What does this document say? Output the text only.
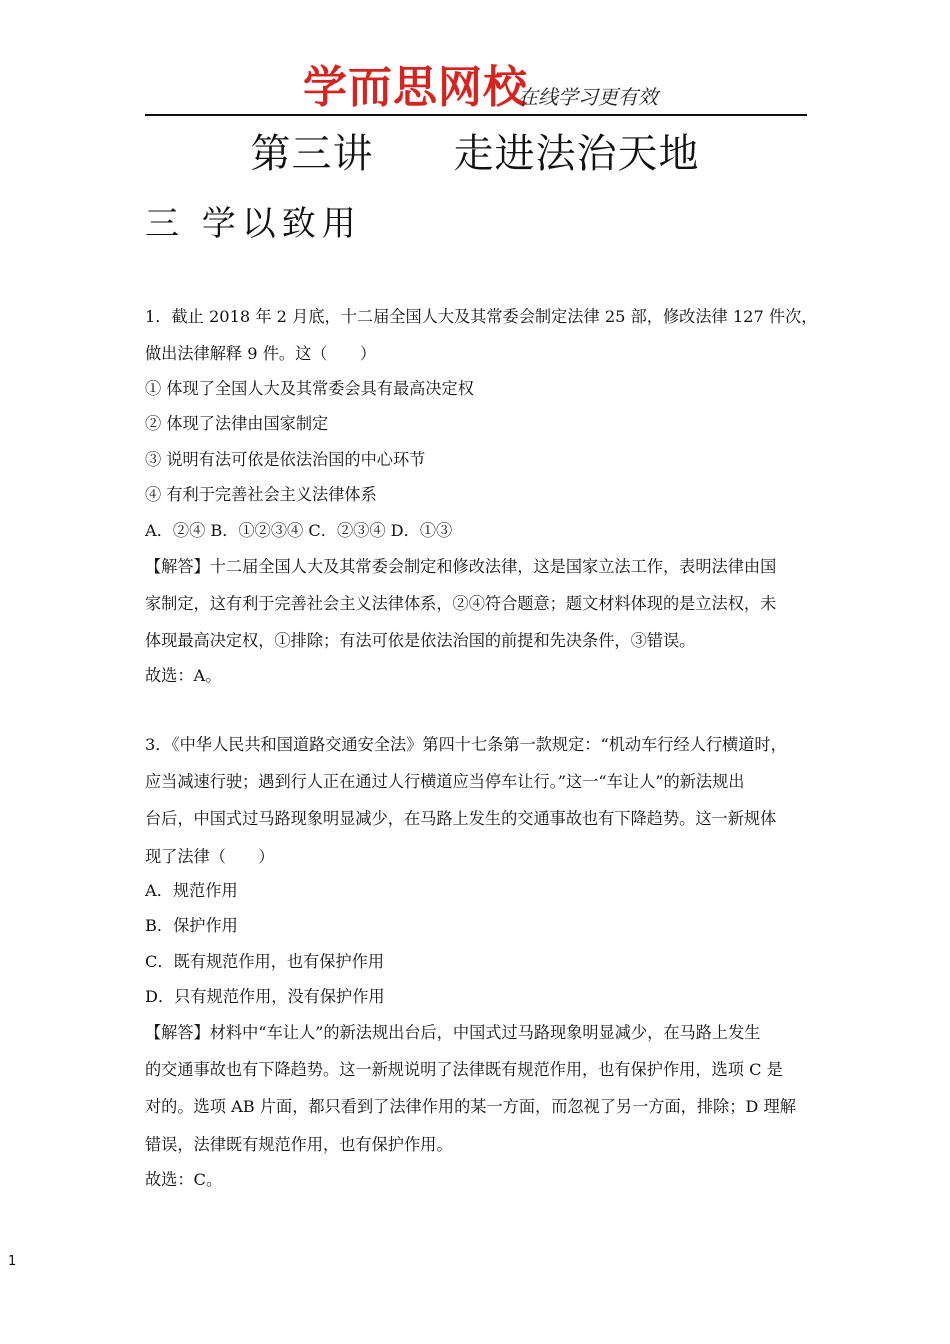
学而思网校
在线学习更有效
第三讲 走进法治天地
三 学以致用
1．截止 2018 年 2 月底，十二届全国人大及其常委会制定法律 25 部，修改法律 127 件次，
做出法律解释 9 件。这（　　）
① 体现了全国人大及其常委会具有最高决定权
② 体现了法律由国家制定
③ 说明有法可依是依法治国的中心环节
④ 有利于完善社会主义法律体系
A．②④ B．①②③④ C．②③④ D．①③
【解答】十二届全国人大及其常委会制定和修改法律，这是国家立法工作，表明法律由国
家制定，这有利于完善社会主义法律体系，②④符合题意；题文材料体现的是立法权，未
体现最高决定权，①排除；有法可依是依法治国的前提和先决条件，③错误。
故选：A。
3．《中华人民共和国道路交通安全法》第四十七条第一款规定：“机动车行经人行横道时，
应当减速行驶；遇到行人正在通过人行横道应当停车让行。”这一“车让人”的新法规出
台后，中国式过马路现象明显减少，在马路上发生的交通事故也有下降趋势。这一新规体
现了法律（　　）
A．规范作用
B．保护作用
C．既有规范作用，也有保护作用
D．只有规范作用，没有保护作用
【解答】材料中“车让人”的新法规出台后，中国式过马路现象明显减少，在马路上发生
的交通事故也有下降趋势。这一新规说明了法律既有规范作用，也有保护作用，选项 C 是
对的。选项 AB 片面，都只看到了法律作用的某一方面，而忽视了另一方面，排除；D 理解
错误，法律既有规范作用，也有保护作用。
故选：C。
1
